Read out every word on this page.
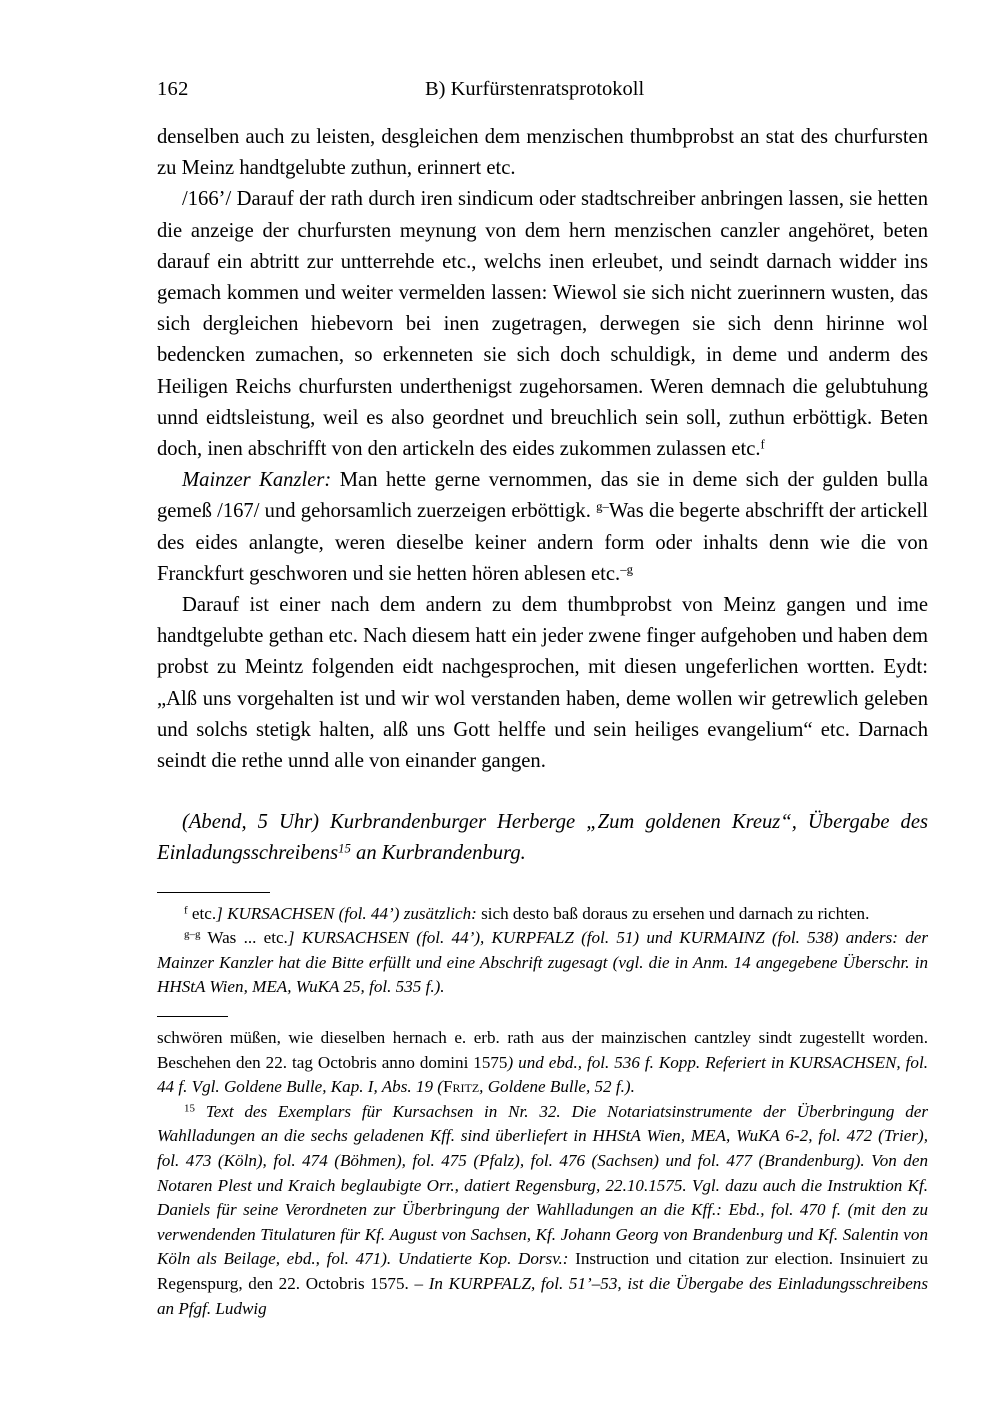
162	B) Kurfürstenratsprotokoll

denselben auch zu leisten, desgleichen dem menzischen thumbprobst an stat des churfursten zu Meinz handtgelubte zuthun, erinnert etc.

/166’/ Darauf der rath durch iren sindicum oder stadtschreiber anbringen lassen, sie hetten die anzeige der churfursten meynung von dem hern menzischen canzler angehöret, beten darauf ein abtritt zur untterrehde etc., welchs inen erleubet, und seindt darnach widder ins gemach kommen und weiter vermelden lassen: Wiewol sie sich nicht zuerinnern wusten, das sich dergleichen hiebevorn bei inen zugetragen, derwegen sie sich denn hirinne wol bedencken zumachen, so erkenneten sie sich doch schuldigk, in deme und anderm des Heiligen Reichs churfursten underthenigst zugehorsamen. Weren demnach die gelubtuhung unnd eidtsleistung, weil es also geordnet und breuchlich sein soll, zuthun erböttigk. Beten doch, inen abschrifft von den artickeln des eides zukommen zulassen etc.$^f$

Mainzer Kanzler: Man hette gerne vernommen, das sie in deme sich der gulden bulla gemeß /167/ und gehorsamlich zuerzeigen erböttigk. $^{g-}$Was die begerte abschrifft der artickell des eides anlangte, weren dieselbe keiner andern form oder inhalts denn wie die von Franckfurt geschworen und sie hetten hören ablesen etc.$^{-g}$

Darauf ist einer nach dem andern zu dem thumbprobst von Meinz gangen und ime handtgelubte gethan etc. Nach diesem hatt ein jeder zwene finger aufgehoben und haben dem probst zu Meintz folgenden eidt nachgesprochen, mit diesen ungeferlichen wortten. Eydt: „Alß uns vorgehalten ist und wir wol verstanden haben, deme wollen wir getrewlich geleben und solchs stetigk halten, alß uns Gott helffe und sein heiliges evangelium“ etc. Darnach seindt die rethe unnd alle von einander gangen.

(Abend, 5 Uhr) Kurbrandenburger Herberge „Zum goldenen Kreuz“, Übergabe des Einladungsschreibens$^{15}$ an Kurbrandenburg.

$^f$ etc.] KURSACHSEN (fol. 44’) zusätzlich: sich desto baß doraus zu ersehen und darnach zu richten.

$^{g-g}$ Was ... etc.] KURSACHSEN (fol. 44’), KURPFALZ (fol. 51) und KURMAINZ (fol. 538) anders: der Mainzer Kanzler hat die Bitte erfüllt und eine Abschrift zugesagt (vgl. die in Anm. 14 angegebene Überschr. in HHStA Wien, MEA, WuKA 25, fol. 535 f.).

schwören müßen, wie dieselben hernach e. erb. rath aus der mainzischen cantzley sindt zugestellt worden. Beschehen den 22. tag Octobris anno domini 1575) und ebd., fol. 536 f. Kopp. Referiert in KURSACHSEN, fol. 44 f. Vgl. Goldene Bulle, Kap. I, Abs. 19 (Fritz, Goldene Bulle, 52 f.).

$^{15}$ Text des Exemplars für Kursachsen in Nr. 32. Die Notariatsinstrumente der Überbringung der Wahlladungen an die sechs geladenen Kff. sind überliefert in HHStA Wien, MEA, WuKA 6-2, fol. 472 (Trier), fol. 473 (Köln), fol. 474 (Böhmen), fol. 475 (Pfalz), fol. 476 (Sachsen) und fol. 477 (Brandenburg). Von den Notaren Plest und Kraich beglaubigte Orr., datiert Regensburg, 22.10.1575. Vgl. dazu auch die Instruktion Kf. Daniels für seine Verordneten zur Überbringung der Wahlladungen an die Kff.: Ebd., fol. 470 f. (mit den zu verwendenden Titulaturen für Kf. August von Sachsen, Kf. Johann Georg von Brandenburg und Kf. Salentin von Köln als Beilage, ebd., fol. 471). Undatierte Kop. Dorsv.: Instruction und citation zur election. Insinuiert zu Regenspurg, den 22. Octobris 1575. – In KURPFALZ, fol. 51’–53, ist die Übergabe des Einladungsschreibens an Pfgf. Ludwig
